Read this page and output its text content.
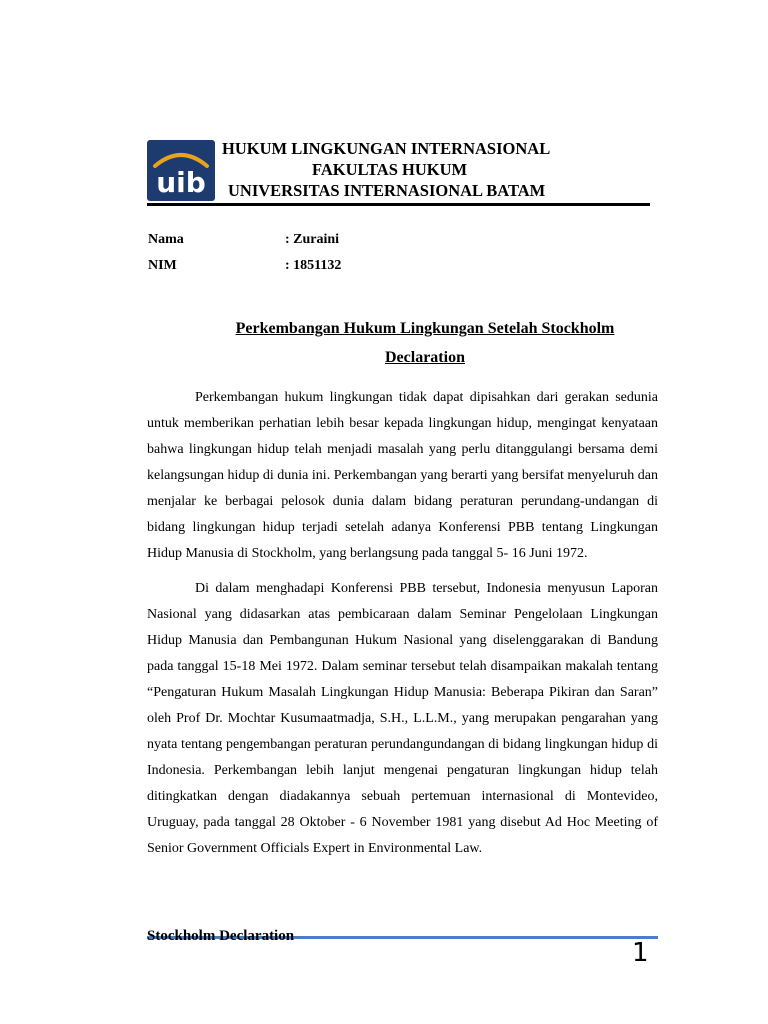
uib
HUKUM LINGKUNGAN INTERNASIONAL
FAKULTAS HUKUM
UNIVERSITAS INTERNASIONAL BATAM
Nama	: Zuraini
NIM	: 1851132
Perkembangan Hukum Lingkungan Setelah Stockholm
Declaration

Perkembangan hukum lingkungan tidak dapat dipisahkan dari gerakan sedunia untuk memberikan perhatian lebih besar kepada lingkungan hidup, mengingat kenyataan bahwa lingkungan hidup telah menjadi masalah yang perlu ditanggulangi bersama demi kelangsungan hidup di dunia ini. Perkembangan yang berarti yang bersifat menyeluruh dan menjalar ke berbagai pelosok dunia dalam bidang peraturan perundang-undangan di bidang lingkungan hidup terjadi setelah adanya Konferensi PBB tentang Lingkungan Hidup Manusia di Stockholm, yang berlangsung pada tanggal 5- 16 Juni 1972.

Di dalam menghadapi Konferensi PBB tersebut, Indonesia menyusun Laporan Nasional yang didasarkan atas pembicaraan dalam Seminar Pengelolaan Lingkungan Hidup Manusia dan Pembangunan Hukum Nasional yang diselenggarakan di Bandung pada tanggal 15-18 Mei 1972. Dalam seminar tersebut telah disampaikan makalah tentang “Pengaturan Hukum Masalah Lingkungan Hidup Manusia: Beberapa Pikiran dan Saran” oleh Prof Dr. Mochtar Kusumaatmadja, S.H., L.L.M., yang merupakan pengarahan yang nyata tentang pengembangan peraturan perundangundangan di bidang lingkungan hidup di Indonesia. Perkembangan lebih lanjut mengenai pengaturan lingkungan hidup telah ditingkatkan dengan diadakannya sebuah pertemuan internasional di Montevideo, Uruguay, pada tanggal 28 Oktober - 6 November 1981 yang disebut Ad Hoc Meeting of Senior Government Officials Expert in Environmental Law.

Stockholm Declaration
1
